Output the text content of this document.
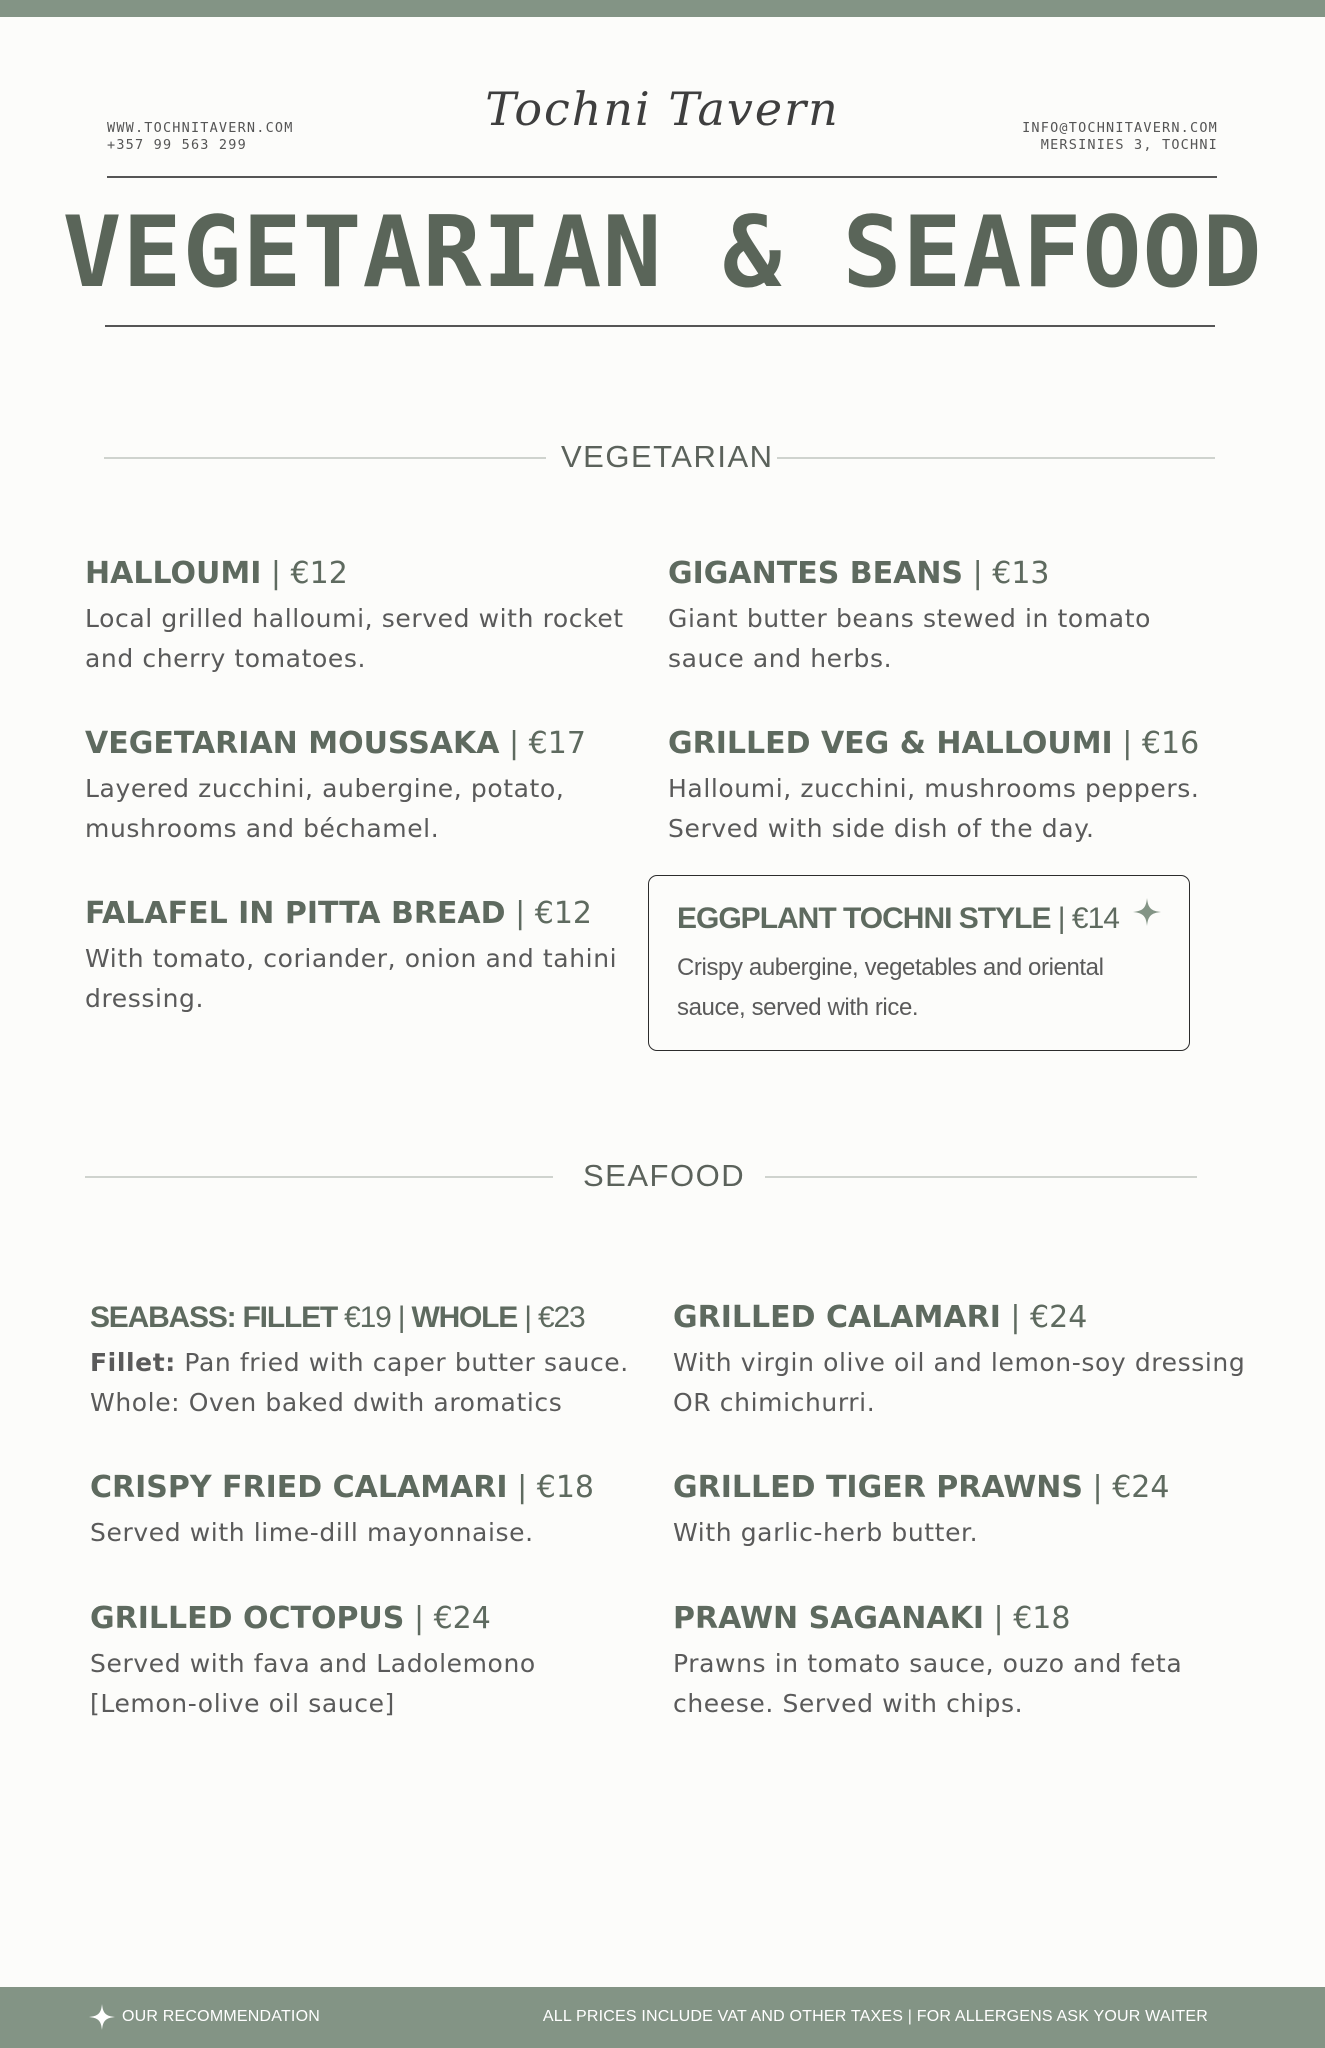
WWW.TOCHNITAVERN.COM
+357 99 563 299
Tochni Tavern	INFO@TOCHNITAVERN.COM
MERSINIES 3, TOCHNI
VEGETARIAN & SEAFOOD
VEGETARIAN
HALLOUMI | €12
Local grilled halloumi, served with rocket and cherry tomatoes.
GIGANTES BEANS | €13
Giant butter beans stewed in tomato sauce and herbs.
VEGETARIAN MOUSSAKA | €17
Layered zucchini, aubergine, potato, mushrooms and béchamel.
GRILLED VEG & HALLOUMI | €16
Halloumi, zucchini, mushrooms peppers. Served with side dish of the day.
FALAFEL IN PITTA BREAD | €12
With tomato, coriander, onion and tahini dressing.
EGGPLANT TOCHNI STYLE | €14
Crispy aubergine, vegetables and oriental sauce, served with rice.
SEAFOOD
SEABASS: FILLET €19 | WHOLE | €23
Fillet: Pan fried with caper butter sauce.
Whole: Oven baked dwith aromatics
GRILLED CALAMARI | €24
With virgin olive oil and lemon-soy dressing OR chimichurri.
CRISPY FRIED CALAMARI | €18
Served with lime-dill mayonnaise.
GRILLED TIGER PRAWNS | €24
With garlic-herb butter.
GRILLED OCTOPUS | €24
Served with fava and Ladolemono [Lemon-olive oil sauce]
PRAWN SAGANAKI | €18
Prawns in tomato sauce, ouzo and feta cheese. Served with chips.
OUR RECOMMENDATION	ALL PRICES INCLUDE VAT AND OTHER TAXES | FOR ALLERGENS ASK YOUR WAITER
